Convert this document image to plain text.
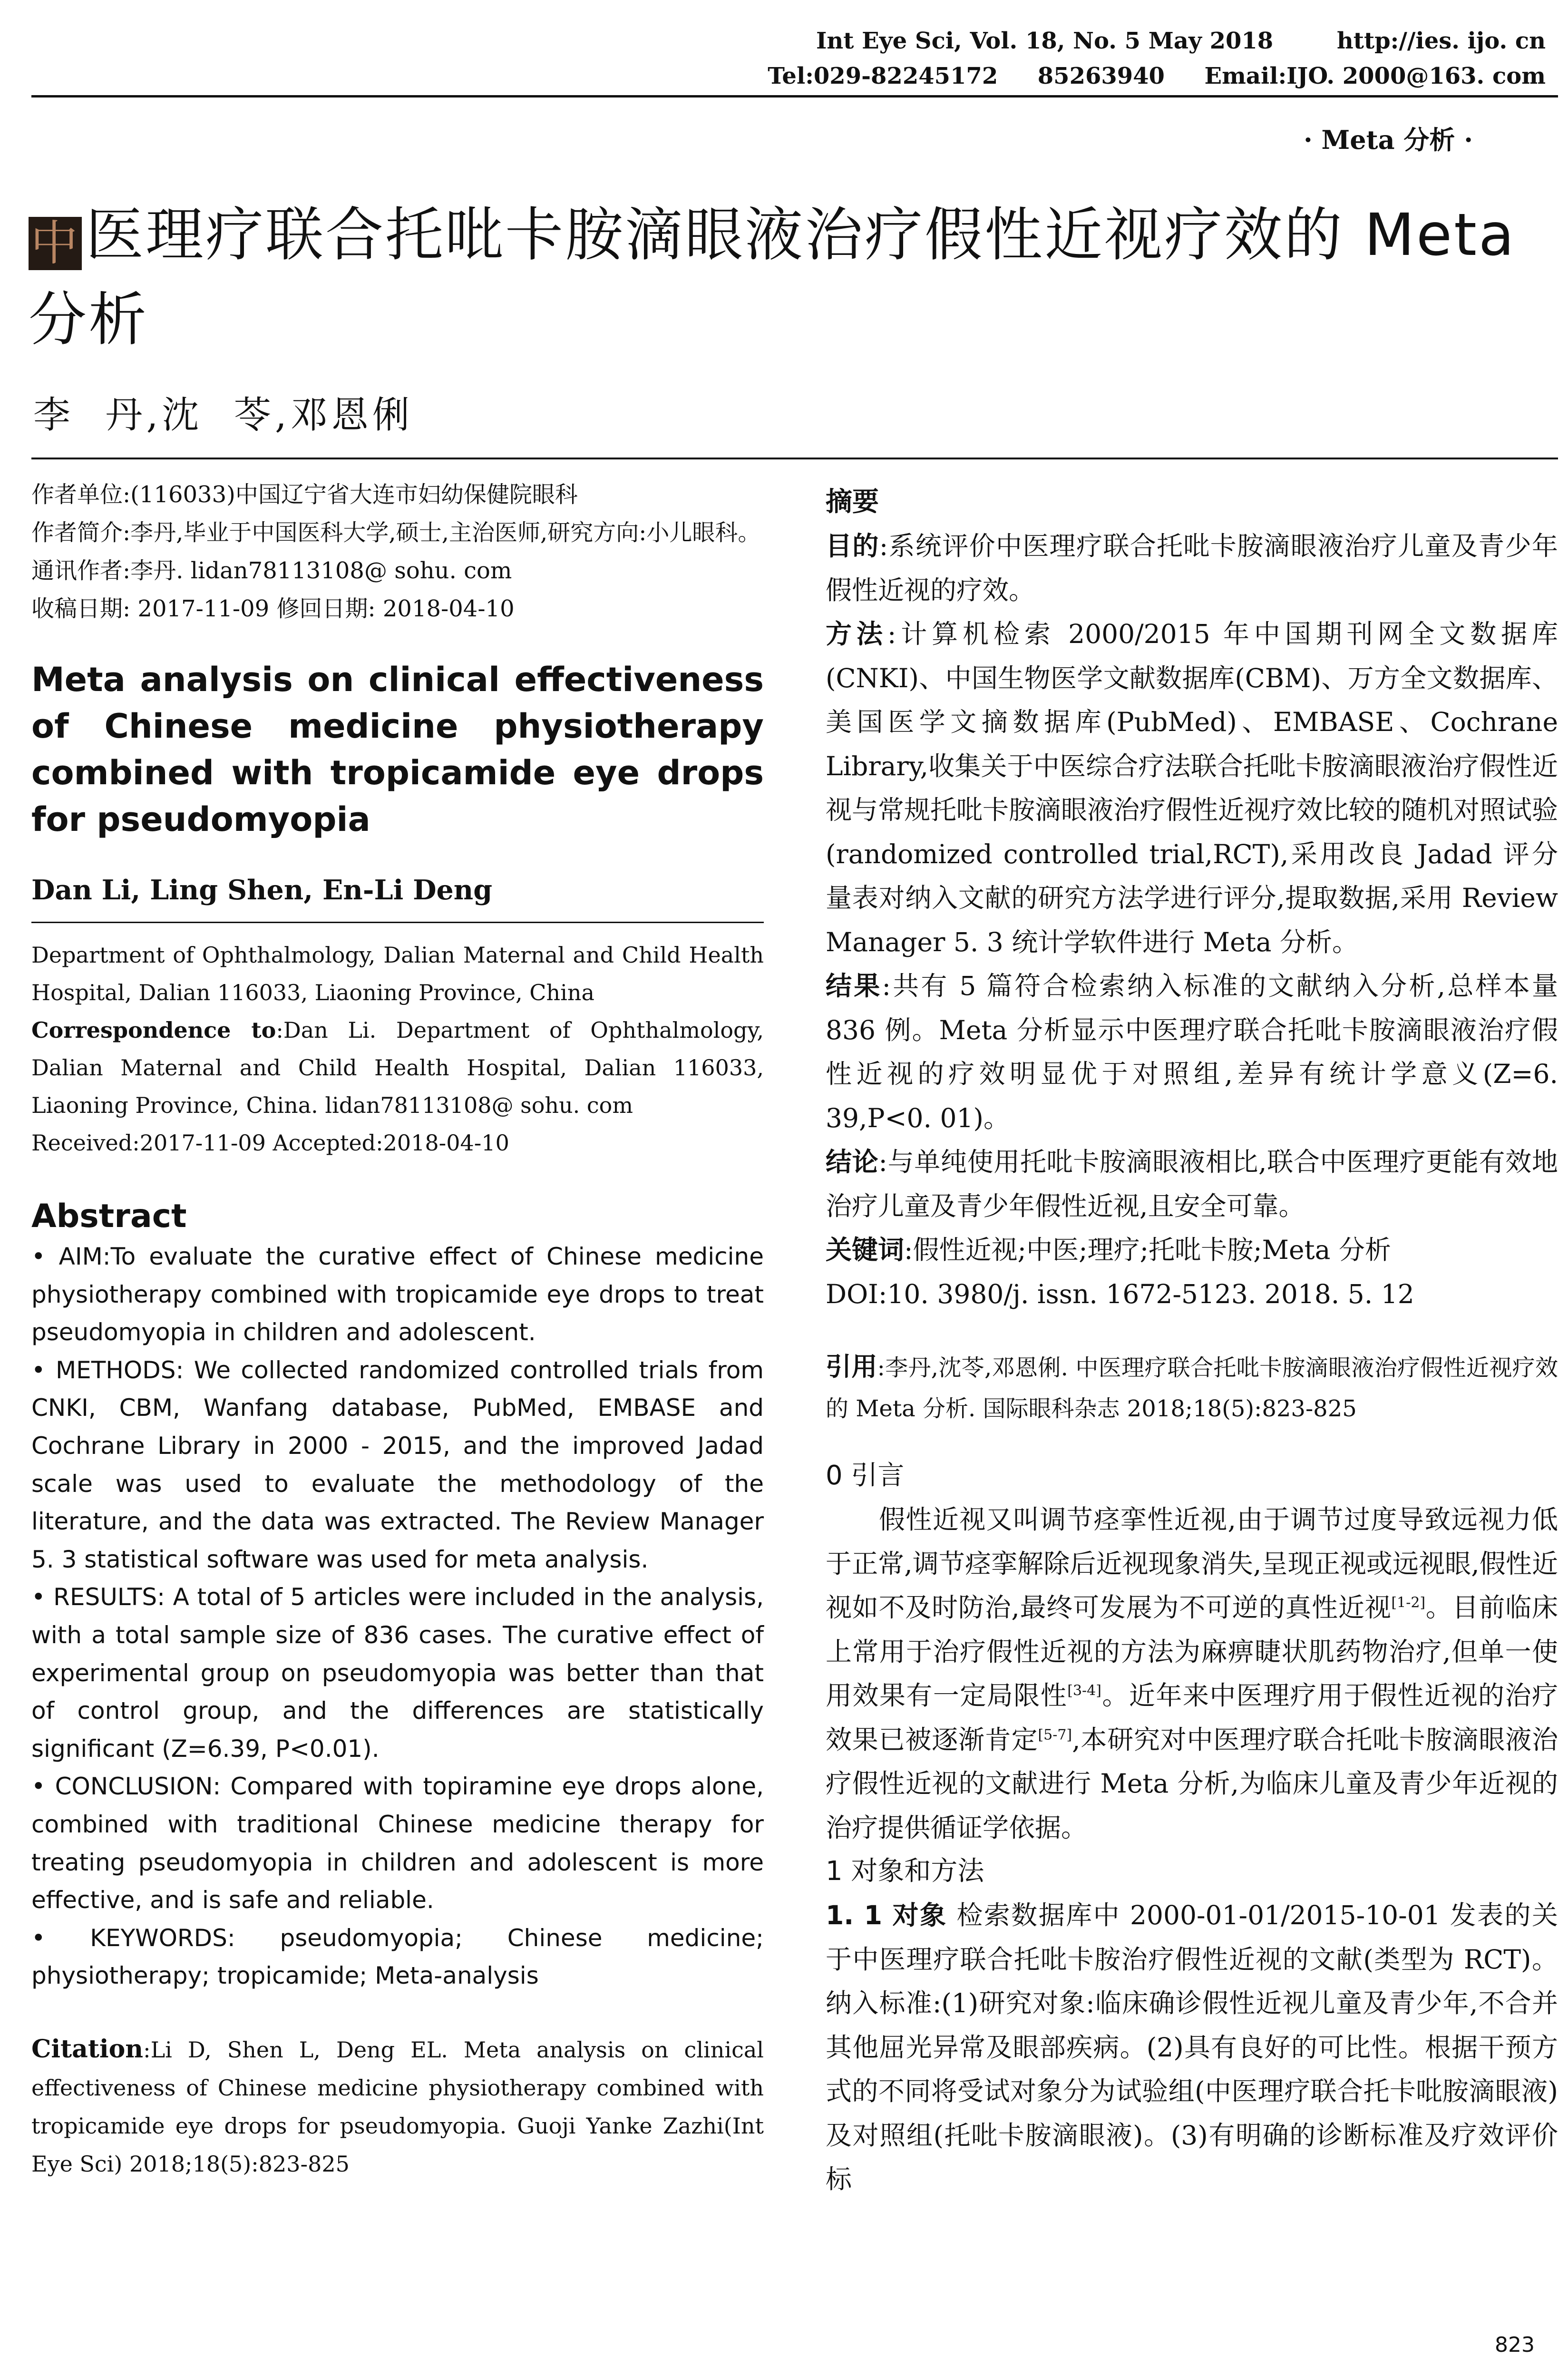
Int Eye Sci, Vol. 18, No. 5 May 2018        http://ies. ijo. cn
Tel:029-82245172     85263940     Email:IJO. 2000@163. com
· Meta 分析 ·
中医理疗联合托吡卡胺滴眼液治疗假性近视疗效的 Meta 分析
李  丹,沈  苓,邓恩俐
作者单位:(116033)中国辽宁省大连市妇幼保健院眼科
作者简介:李丹,毕业于中国医科大学,硕士,主治医师,研究方向:小儿眼科。
通讯作者:李丹. lidan78113108@ sohu. com
收稿日期: 2017-11-09 修回日期: 2018-04-10
Meta analysis on clinical effectiveness of Chinese medicine physiotherapy combined with tropicamide eye drops for pseudomyopia
Dan Li, Ling Shen, En-Li Deng
Department of Ophthalmology, Dalian Maternal and Child Health Hospital, Dalian 116033, Liaoning Province, China
Correspondence to:Dan Li. Department of Ophthalmology, Dalian Maternal and Child Health Hospital, Dalian 116033, Liaoning Province, China. lidan78113108@ sohu. com
Received:2017-11-09 Accepted:2018-04-10
Abstract
• AIM:To evaluate the curative effect of Chinese medicine physiotherapy combined with tropicamide eye drops to treat pseudomyopia in children and adolescent.
• METHODS: We collected randomized controlled trials from CNKI, CBM, Wanfang database, PubMed, EMBASE and Cochrane Library in 2000 - 2015, and the improved Jadad scale was used to evaluate the methodology of the literature, and the data was extracted. The Review Manager 5. 3 statistical software was used for meta analysis.
• RESULTS: A total of 5 articles were included in the analysis, with a total sample size of 836 cases. The curative effect of experimental group on pseudomyopia was better than that of control group, and the differences are statistically significant (Z=6.39, P<0.01).
• CONCLUSION: Compared with topiramine eye drops alone, combined with traditional Chinese medicine therapy for treating pseudomyopia in children and adolescent is more effective, and is safe and reliable.
• KEYWORDS: pseudomyopia; Chinese medicine; physiotherapy; tropicamide; Meta-analysis
Citation:Li D, Shen L, Deng EL. Meta analysis on clinical effectiveness of Chinese medicine physiotherapy combined with tropicamide eye drops for pseudomyopia. Guoji Yanke Zazhi(Int Eye Sci) 2018;18(5):823-825
摘要
目的:系统评价中医理疗联合托吡卡胺滴眼液治疗儿童及青少年假性近视的疗效。
方法:计算机检索 2000/2015 年中国期刊网全文数据库(CNKI)、中国生物医学文献数据库(CBM)、万方全文数据库、美国医学文摘数据库(PubMed)、EMBASE、Cochrane Library,收集关于中医综合疗法联合托吡卡胺滴眼液治疗假性近视与常规托吡卡胺滴眼液治疗假性近视疗效比较的随机对照试验(randomized controlled trial,RCT),采用改良 Jadad 评分量表对纳入文献的研究方法学进行评分,提取数据,采用 Review Manager 5. 3 统计学软件进行 Meta 分析。
结果:共有 5 篇符合检索纳入标准的文献纳入分析,总样本量 836 例。Meta 分析显示中医理疗联合托吡卡胺滴眼液治疗假性近视的疗效明显优于对照组,差异有统计学意义(Z=6. 39,P<0. 01)。
结论:与单纯使用托吡卡胺滴眼液相比,联合中医理疗更能有效地治疗儿童及青少年假性近视,且安全可靠。
关键词:假性近视;中医;理疗;托吡卡胺;Meta 分析
DOI:10. 3980/j. issn. 1672-5123. 2018. 5. 12
引用:李丹,沈苓,邓恩俐. 中医理疗联合托吡卡胺滴眼液治疗假性近视疗效的 Meta 分析. 国际眼科杂志 2018;18(5):823-825
0 引言
假性近视又叫调节痉挛性近视,由于调节过度导致远视力低于正常,调节痉挛解除后近视现象消失,呈现正视或远视眼,假性近视如不及时防治,最终可发展为不可逆的真性近视[1-2]。目前临床上常用于治疗假性近视的方法为麻痹睫状肌药物治疗,但单一使用效果有一定局限性[3-4]。近年来中医理疗用于假性近视的治疗效果已被逐渐肯定[5-7],本研究对中医理疗联合托吡卡胺滴眼液治疗假性近视的文献进行 Meta 分析,为临床儿童及青少年近视的治疗提供循证学依据。
1 对象和方法
1. 1 对象 检索数据库中 2000-01-01/2015-10-01 发表的关于中医理疗联合托吡卡胺治疗假性近视的文献(类型为 RCT)。纳入标准:(1)研究对象:临床确诊假性近视儿童及青少年,不合并其他屈光异常及眼部疾病。(2)具有良好的可比性。根据干预方式的不同将受试对象分为试验组(中医理疗联合托卡吡胺滴眼液)及对照组(托吡卡胺滴眼液)。(3)有明确的诊断标准及疗效评价标
823
